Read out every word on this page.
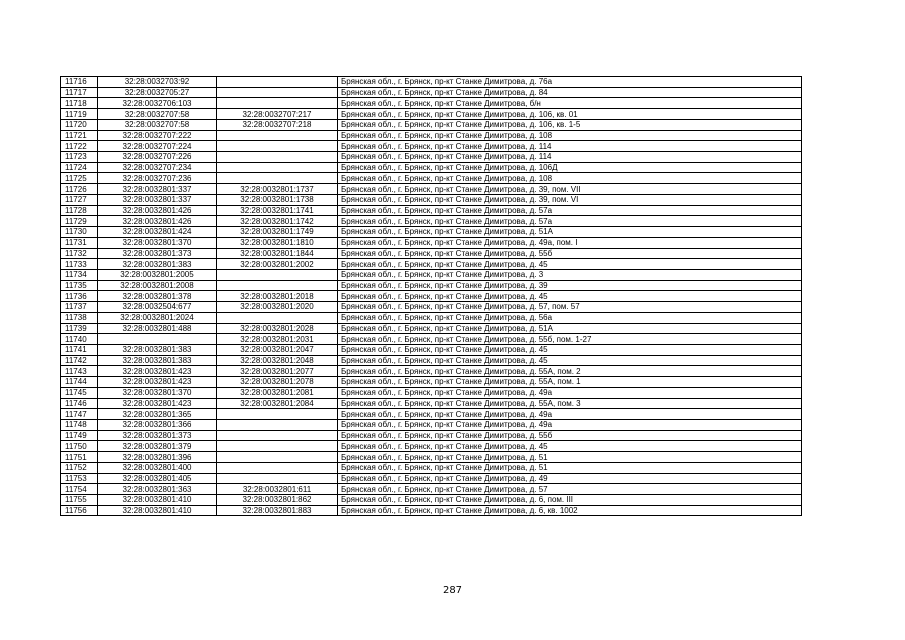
11716	32:28:0032703:92		Брянская обл., г. Брянск, пр-кт Станке Димитрова, д. 76а
11717	32:28:0032705:27		Брянская обл., г. Брянск, пр-кт Станке Димитрова, д. 84
11718	32:28:0032706:103		Брянская обл., г. Брянск, пр-кт Станке Димитрова, б/н
11719	32:28:0032707:58	32:28:0032707:217	Брянская обл., г. Брянск, пр-кт Станке Димитрова, д. 106, кв. 01
11720	32:28:0032707:58	32:28:0032707:218	Брянская обл., г. Брянск, пр-кт Станке Димитрова, д. 106, кв. 1-5
11721	32:28:0032707:222		Брянская обл., г. Брянск, пр-кт Станке Димитрова, д. 108
11722	32:28:0032707:224		Брянская обл., г. Брянск, пр-кт Станке Димитрова, д. 114
11723	32:28:0032707:226		Брянская обл., г. Брянск, пр-кт Станке Димитрова, д. 114
11724	32:28:0032707:234		Брянская обл., г. Брянск, пр-кт Станке Димитрова, д. 106Д
11725	32:28:0032707:236		Брянская обл., г. Брянск, пр-кт Станке Димитрова, д. 108
11726	32:28:0032801:337	32:28:0032801:1737	Брянская обл., г. Брянск, пр-кт Станке Димитрова, д. 39, пом. VII
11727	32:28:0032801:337	32:28:0032801:1738	Брянская обл., г. Брянск, пр-кт Станке Димитрова, д. 39, пом. VI
11728	32:28:0032801:426	32:28:0032801:1741	Брянская обл., г. Брянск, пр-кт Станке Димитрова, д. 57а
11729	32:28:0032801:426	32:28:0032801:1742	Брянская обл., г. Брянск, пр-кт Станке Димитрова, д. 57а
11730	32:28:0032801:424	32:28:0032801:1749	Брянская обл., г. Брянск, пр-кт Станке Димитрова, д. 51А
11731	32:28:0032801:370	32:28:0032801:1810	Брянская обл., г. Брянск, пр-кт Станке Димитрова, д. 49а, пом. I
11732	32:28:0032801:373	32:28:0032801:1844	Брянская обл., г. Брянск, пр-кт Станке Димитрова, д. 55б
11733	32:28:0032801:383	32:28:0032801:2002	Брянская обл., г. Брянск, пр-кт Станке Димитрова, д. 45
11734	32:28:0032801:2005		Брянская обл., г. Брянск, пр-кт Станке Димитрова, д. 3
11735	32:28:0032801:2008		Брянская обл., г. Брянск, пр-кт Станке Димитрова, д. 39
11736	32:28:0032801:378	32:28:0032801:2018	Брянская обл., г. Брянск, пр-кт Станке Димитрова, д. 45
11737	32:28:0032504:677	32:28:0032801:2020	Брянская обл., г. Брянск, пр-кт Станке Димитрова, д. 57, пом. 57
11738	32:28:0032801:2024		Брянская обл., г. Брянск, пр-кт Станке Димитрова, д. 56а
11739	32:28:0032801:488	32:28:0032801:2028	Брянская обл., г. Брянск, пр-кт Станке Димитрова, д. 51А
11740		32:28:0032801:2031	Брянская обл., г. Брянск, пр-кт Станке Димитрова, д. 55б, пом. 1-27
11741	32:28:0032801:383	32:28:0032801:2047	Брянская обл., г. Брянск, пр-кт Станке Димитрова, д. 45
11742	32:28:0032801:383	32:28:0032801:2048	Брянская обл., г. Брянск, пр-кт Станке Димитрова, д. 45
11743	32:28:0032801:423	32:28:0032801:2077	Брянская обл., г. Брянск, пр-кт Станке Димитрова, д. 55А, пом. 2
11744	32:28:0032801:423	32:28:0032801:2078	Брянская обл., г. Брянск, пр-кт Станке Димитрова, д. 55А, пом. 1
11745	32:28:0032801:370	32:28:0032801:2081	Брянская обл., г. Брянск, пр-кт Станке Димитрова, д. 49а
11746	32:28:0032801:423	32:28:0032801:2084	Брянская обл., г. Брянск, пр-кт Станке Димитрова, д. 55А, пом. 3
11747	32:28:0032801:365		Брянская обл., г. Брянск, пр-кт Станке Димитрова, д. 49а
11748	32:28:0032801:366		Брянская обл., г. Брянск, пр-кт Станке Димитрова, д. 49а
11749	32:28:0032801:373		Брянская обл., г. Брянск, пр-кт Станке Димитрова, д. 55б
11750	32:28:0032801:379		Брянская обл., г. Брянск, пр-кт Станке Димитрова, д. 45
11751	32:28:0032801:396		Брянская обл., г. Брянск, пр-кт Станке Димитрова, д. 51
11752	32:28:0032801:400		Брянская обл., г. Брянск, пр-кт Станке Димитрова, д. 51
11753	32:28:0032801:405		Брянская обл., г. Брянск, пр-кт Станке Димитрова, д. 49
11754	32:28:0032801:363	32:28:0032801:611	Брянская обл., г. Брянск, пр-кт Станке Димитрова, д. 57
11755	32:28:0032801:410	32:28:0032801:862	Брянская обл., г. Брянск, пр-кт Станке Димитрова, д. 6, пом. III
11756	32:28:0032801:410	32:28:0032801:883	Брянская обл., г. Брянск, пр-кт Станке Димитрова, д. 6, кв. 1002
287
